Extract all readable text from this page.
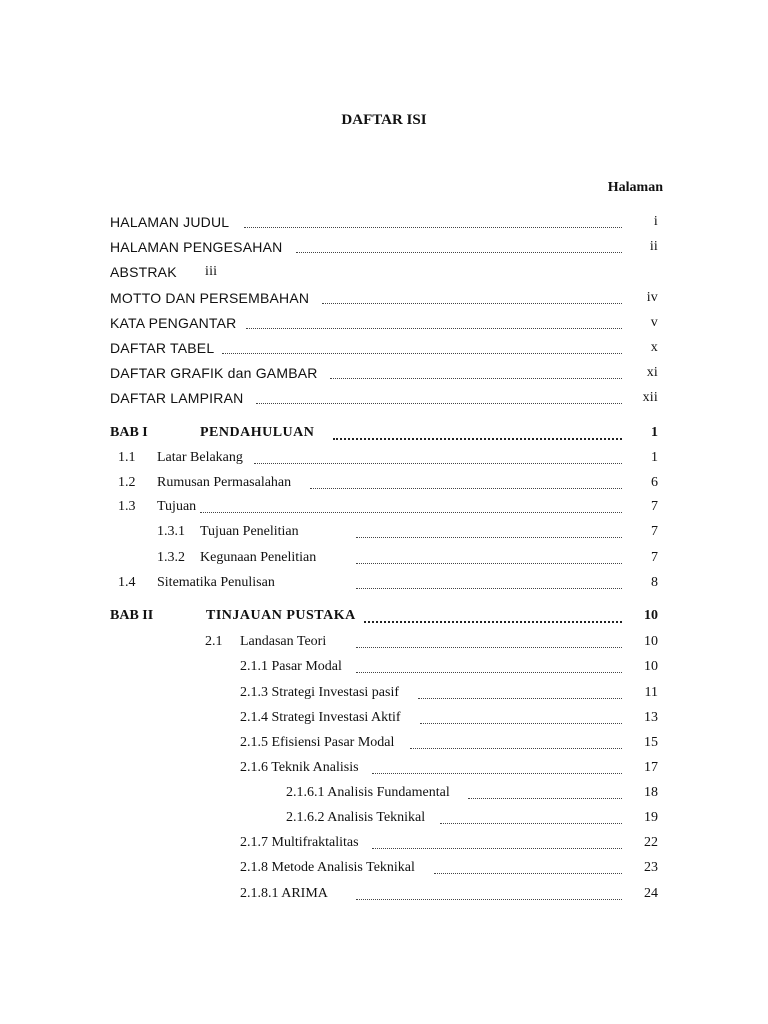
DAFTAR ISI
Halaman
HALAMAN JUDUL	i
HALAMAN PENGESAHAN	ii
ABSTRAK iii
MOTTO DAN PERSEMBAHAN	iv
KATA PENGANTAR	v
DAFTAR TABEL	x
DAFTAR GRAFIK dan GAMBAR	xi
DAFTAR LAMPIRAN	xii
BAB I	PENDAHULUAN	1
1.1 Latar Belakang	1
1.2 Rumusan Permasalahan	6
1.3 Tujuan	7
1.3.1 Tujuan Penelitian	7
1.3.2 Kegunaan Penelitian	7
1.4 Sitematika Penulisan	8
BAB II	TINJAUAN PUSTAKA	10
2.1 Landasan Teori	10
2.1.1 Pasar Modal	10
2.1.3 Strategi Investasi pasif	11
2.1.4 Strategi Investasi Aktif	13
2.1.5 Efisiensi Pasar Modal	15
2.1.6 Teknik Analisis	17
2.1.6.1 Analisis Fundamental	18
2.1.6.2 Analisis Teknikal	19
2.1.7 Multifraktalitas	22
2.1.8 Metode Analisis Teknikal	23
2.1.8.1 ARIMA	24
